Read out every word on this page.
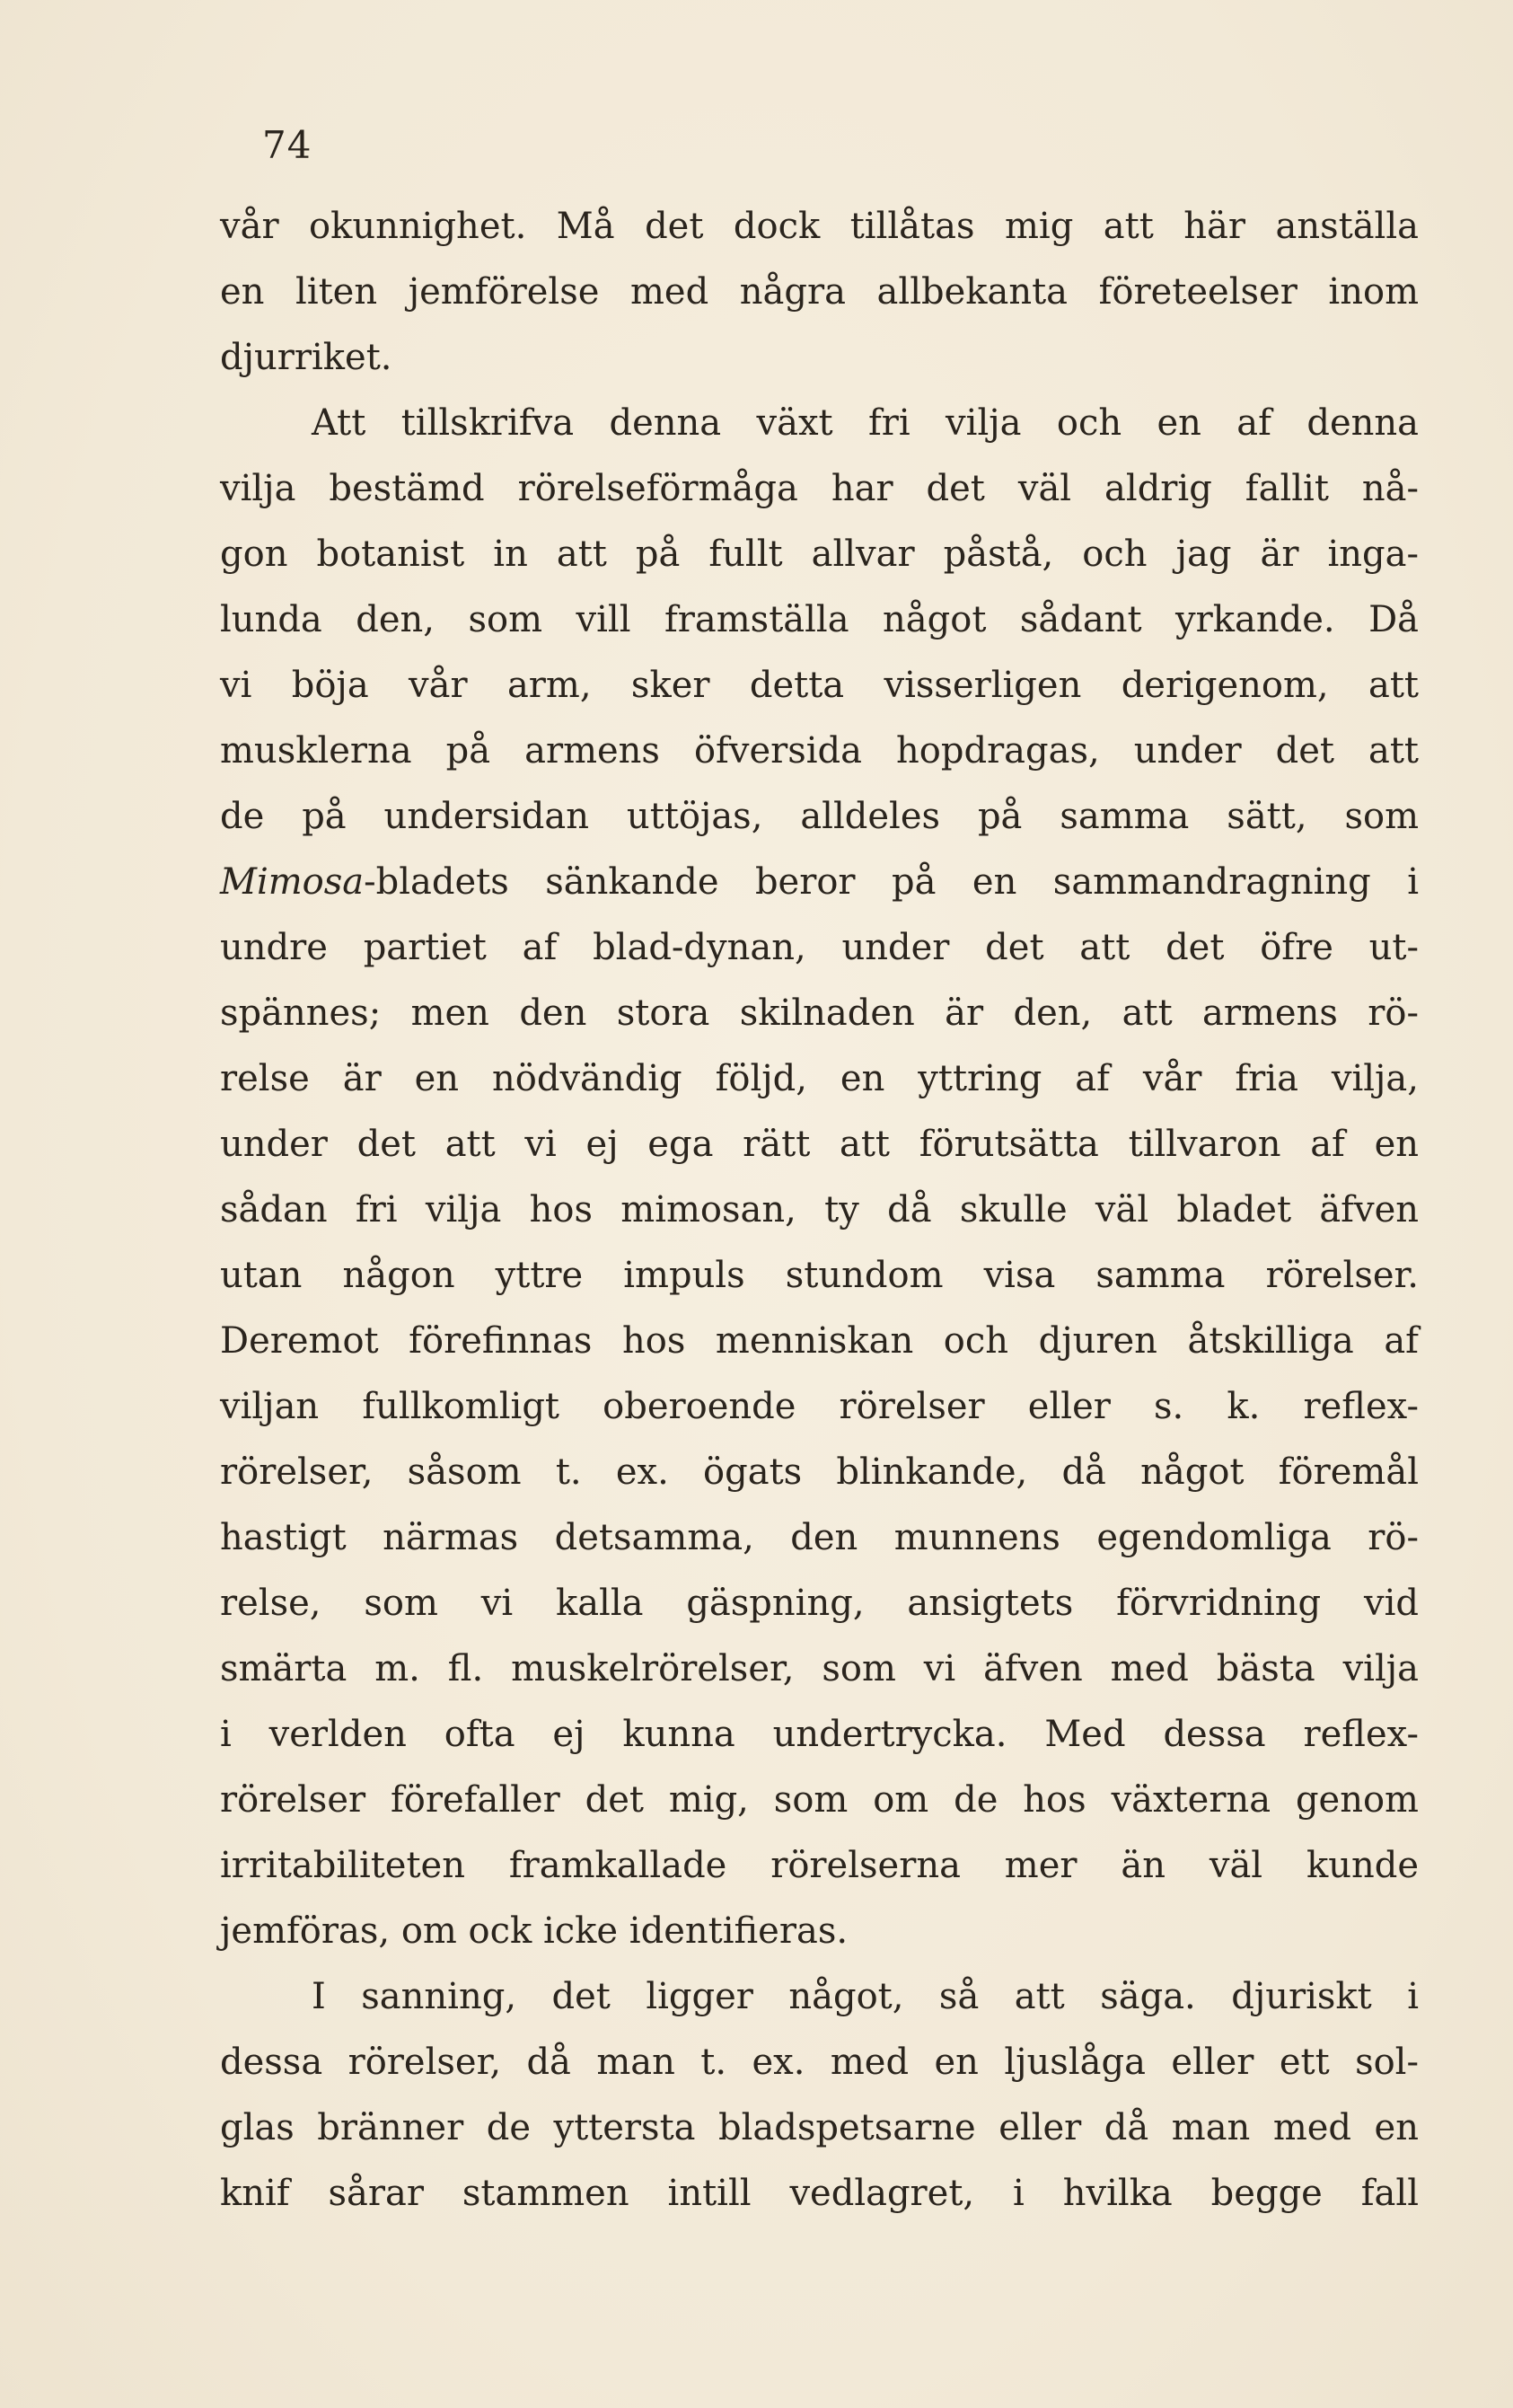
74
vår okunnighet. Må det dock tillåtas mig att här anställa
en liten jemförelse med några allbekanta företeelser inom
djurriket.
Att tillskrifva denna växt fri vilja och en af denna
vilja bestämd rörelseförmåga har det väl aldrig fallit nå-
gon botanist in att på fullt allvar påstå, och jag är inga-
lunda den, som vill framställa något sådant yrkande. Då
vi böja vår arm, sker detta visserligen derigenom, att
musklerna på armens öfversida hopdragas, under det att
de på undersidan uttöjas, alldeles på samma sätt, som
Mimosa-bladets sänkande beror på en sammandragning i
undre partiet af blad-dynan, under det att det öfre ut-
spännes; men den stora skilnaden är den, att armens rö-
relse är en nödvändig följd, en yttring af vår fria vilja,
under det att vi ej ega rätt att förutsätta tillvaron af en
sådan fri vilja hos mimosan, ty då skulle väl bladet äfven
utan någon yttre impuls stundom visa samma rörelser.
Deremot förefinnas hos menniskan och djuren åtskilliga af
viljan fullkomligt oberoende rörelser eller s. k. reflex-
rörelser, såsom t. ex. ögats blinkande, då något föremål
hastigt närmas detsamma, den munnens egendomliga rö-
relse, som vi kalla gäspning, ansigtets förvridning vid
smärta m. fl. muskelrörelser, som vi äfven med bästa vilja
i verlden ofta ej kunna undertrycka. Med dessa reflex-
rörelser förefaller det mig, som om de hos växterna genom
irritabiliteten framkallade rörelserna mer än väl kunde
jemföras, om ock icke identifieras.
I sanning, det ligger något, så att säga. djuriskt i
dessa rörelser, då man t. ex. med en ljuslåga eller ett sol-
glas bränner de yttersta bladspetsarne eller då man med en
knif sårar stammen intill vedlagret, i hvilka begge fall
